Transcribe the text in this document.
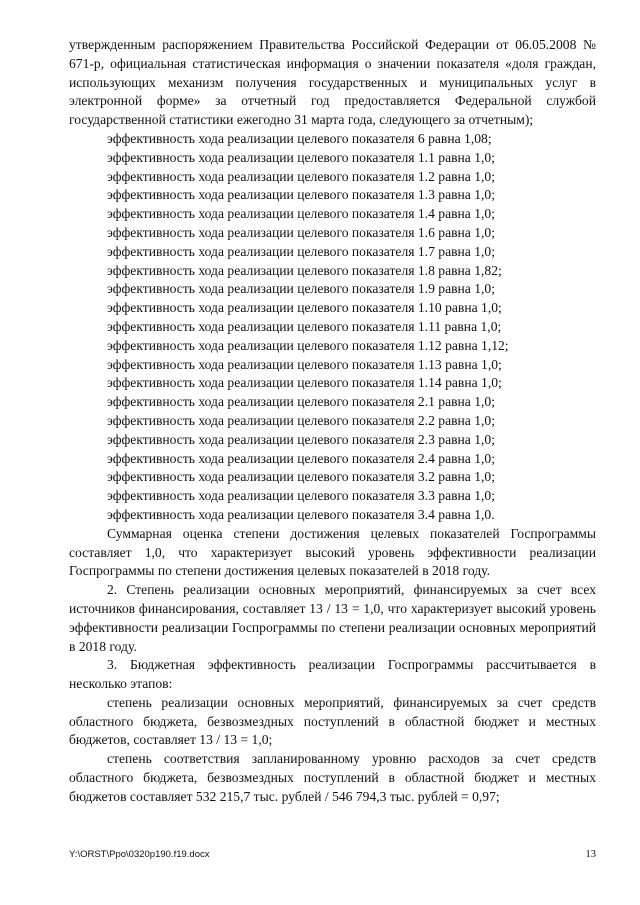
утвержденным распоряжением Правительства Российской Федерации от 06.05.2008 № 671-р, официальная статистическая информация о значении показателя «доля граждан, использующих механизм получения государственных и муниципальных услуг в электронной форме» за отчетный год предоставляется Федеральной службой государственной статистики ежегодно 31 марта года, следующего за отчетным);

эффективность хода реализации целевого показателя 6 равна 1,08;

эффективность хода реализации целевого показателя 1.1 равна 1,0;

эффективность хода реализации целевого показателя 1.2 равна 1,0;

эффективность хода реализации целевого показателя 1.3 равна 1,0;

эффективность хода реализации целевого показателя 1.4 равна 1,0;

эффективность хода реализации целевого показателя 1.6 равна 1,0;

эффективность хода реализации целевого показателя 1.7 равна 1,0;

эффективность хода реализации целевого показателя 1.8 равна 1,82;

эффективность хода реализации целевого показателя 1.9 равна 1,0;

эффективность хода реализации целевого показателя 1.10 равна 1,0;

эффективность хода реализации целевого показателя 1.11 равна 1,0;

эффективность хода реализации целевого показателя 1.12 равна 1,12;

эффективность хода реализации целевого показателя 1.13 равна 1,0;

эффективность хода реализации целевого показателя 1.14 равна 1,0;

эффективность хода реализации целевого показателя 2.1 равна 1,0;

эффективность хода реализации целевого показателя 2.2 равна 1,0;

эффективность хода реализации целевого показателя 2.3 равна 1,0;

эффективность хода реализации целевого показателя 2.4 равна 1,0;

эффективность хода реализации целевого показателя 3.2 равна 1,0;

эффективность хода реализации целевого показателя 3.3 равна 1,0;

эффективность хода реализации целевого показателя 3.4 равна 1,0.

Суммарная оценка степени достижения целевых показателей Госпрограммы составляет 1,0, что характеризует высокий уровень эффективности реализации Госпрограммы по степени достижения целевых показателей в 2018 году.

2. Степень реализации основных мероприятий, финансируемых за счет всех источников финансирования, составляет 13 / 13 = 1,0, что характеризует высокий уровень эффективности реализации Госпрограммы по степени реализации основных мероприятий в 2018 году.

3. Бюджетная эффективность реализации Госпрограммы рассчитывается в несколько этапов:

степень реализации основных мероприятий, финансируемых за счет средств областного бюджета, безвозмездных поступлений в областной бюджет и местных бюджетов, составляет 13 / 13 = 1,0;

степень соответствия запланированному уровню расходов за счет средств областного бюджета, безвозмездных поступлений в областной бюджет и местных бюджетов составляет 532 215,7 тыс. рублей / 546 794,3 тыс. рублей = 0,97;

Y:\ORST\Ppo\0320p190.f19.docx	13
